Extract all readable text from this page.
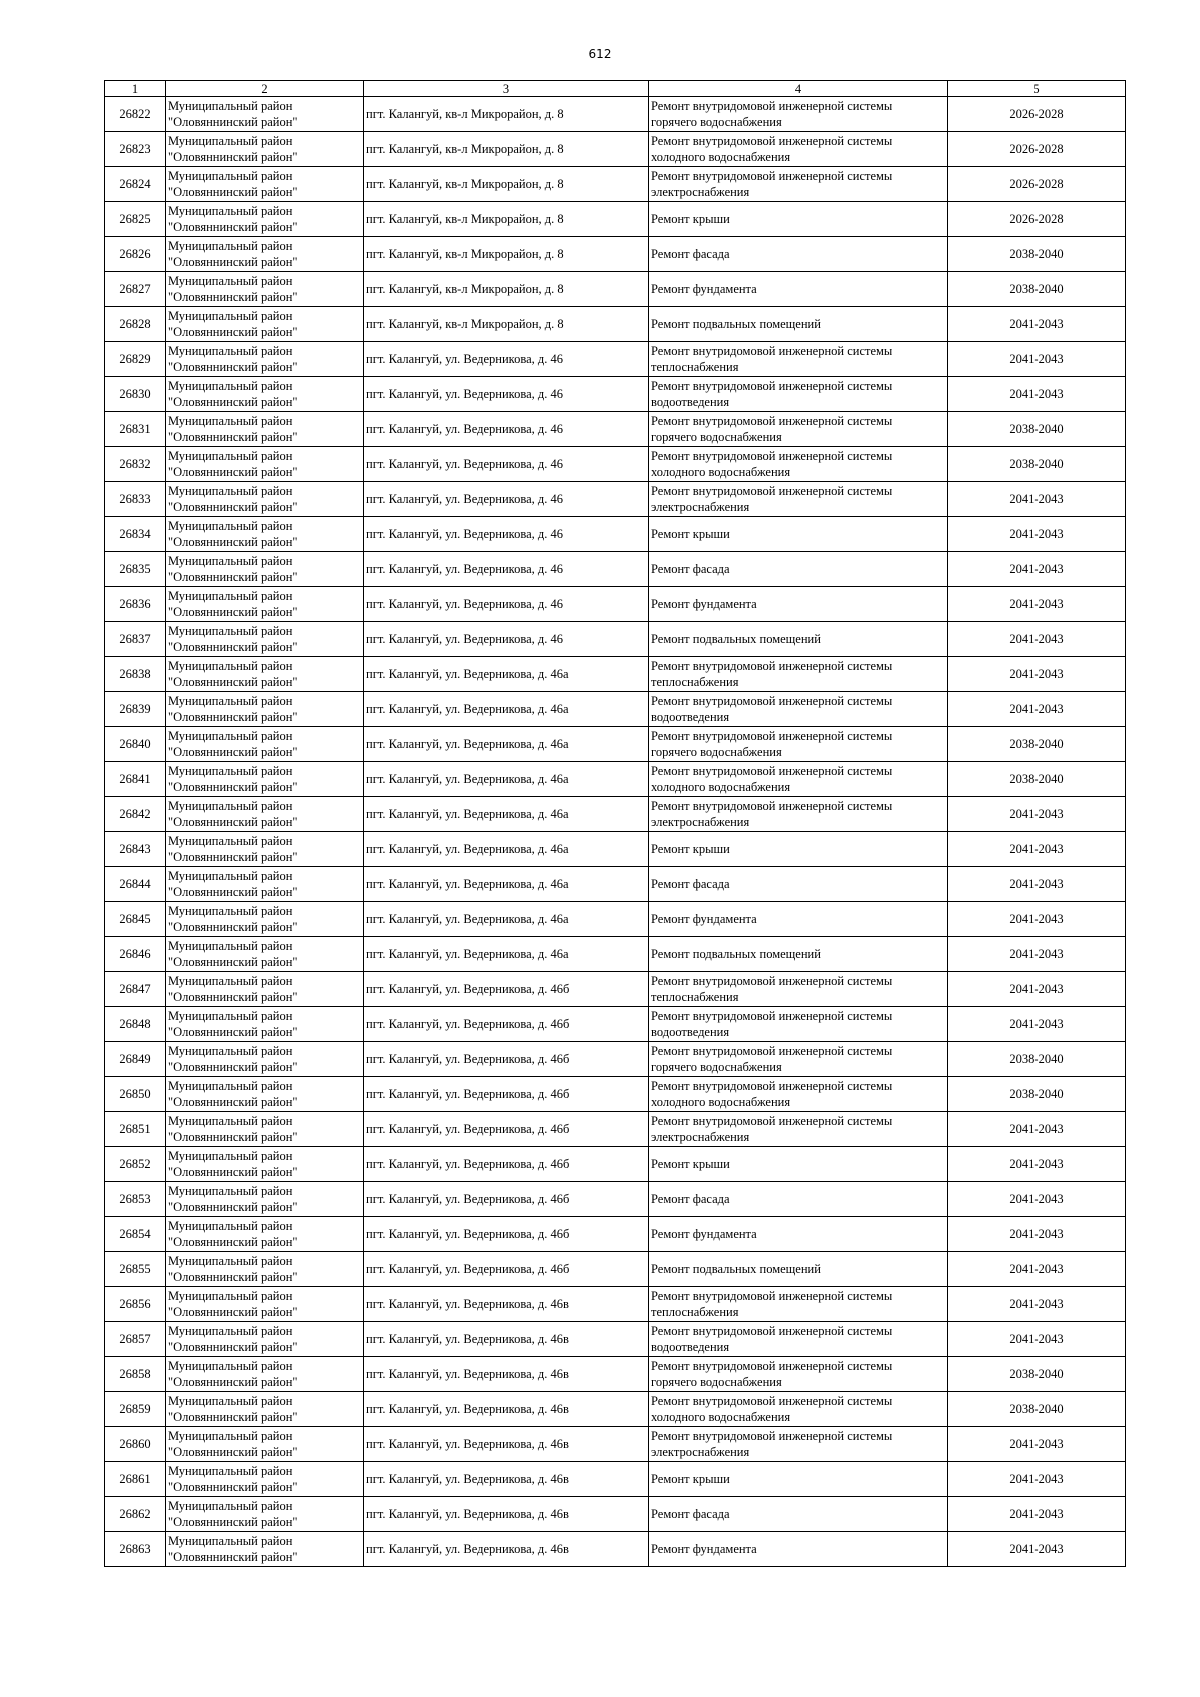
612
1	2	3	4	5
26822	Муниципальный район
"Оловяннинский район"	пгт. Калангуй, кв-л Микрорайон, д. 8	Ремонт внутридомовой инженерной системы
горячего водоснабжения	2026-2028
26823	Муниципальный район
"Оловяннинский район"	пгт. Калангуй, кв-л Микрорайон, д. 8	Ремонт внутридомовой инженерной системы
холодного водоснабжения	2026-2028
26824	Муниципальный район
"Оловяннинский район"	пгт. Калангуй, кв-л Микрорайон, д. 8	Ремонт внутридомовой инженерной системы
электроснабжения	2026-2028
26825	Муниципальный район
"Оловяннинский район"	пгт. Калангуй, кв-л Микрорайон, д. 8	Ремонт крыши	2026-2028
26826	Муниципальный район
"Оловяннинский район"	пгт. Калангуй, кв-л Микрорайон, д. 8	Ремонт фасада	2038-2040
26827	Муниципальный район
"Оловяннинский район"	пгт. Калангуй, кв-л Микрорайон, д. 8	Ремонт фундамента	2038-2040
26828	Муниципальный район
"Оловяннинский район"	пгт. Калангуй, кв-л Микрорайон, д. 8	Ремонт подвальных помещений	2041-2043
26829	Муниципальный район
"Оловяннинский район"	пгт. Калангуй, ул. Ведерникова, д. 46	Ремонт внутридомовой инженерной системы
теплоснабжения	2041-2043
26830	Муниципальный район
"Оловяннинский район"	пгт. Калангуй, ул. Ведерникова, д. 46	Ремонт внутридомовой инженерной системы
водоотведения	2041-2043
26831	Муниципальный район
"Оловяннинский район"	пгт. Калангуй, ул. Ведерникова, д. 46	Ремонт внутридомовой инженерной системы
горячего водоснабжения	2038-2040
26832	Муниципальный район
"Оловяннинский район"	пгт. Калангуй, ул. Ведерникова, д. 46	Ремонт внутридомовой инженерной системы
холодного водоснабжения	2038-2040
26833	Муниципальный район
"Оловяннинский район"	пгт. Калангуй, ул. Ведерникова, д. 46	Ремонт внутридомовой инженерной системы
электроснабжения	2041-2043
26834	Муниципальный район
"Оловяннинский район"	пгт. Калангуй, ул. Ведерникова, д. 46	Ремонт крыши	2041-2043
26835	Муниципальный район
"Оловяннинский район"	пгт. Калангуй, ул. Ведерникова, д. 46	Ремонт фасада	2041-2043
26836	Муниципальный район
"Оловяннинский район"	пгт. Калангуй, ул. Ведерникова, д. 46	Ремонт фундамента	2041-2043
26837	Муниципальный район
"Оловяннинский район"	пгт. Калангуй, ул. Ведерникова, д. 46	Ремонт подвальных помещений	2041-2043
26838	Муниципальный район
"Оловяннинский район"	пгт. Калангуй, ул. Ведерникова, д. 46а	Ремонт внутридомовой инженерной системы
теплоснабжения	2041-2043
26839	Муниципальный район
"Оловяннинский район"	пгт. Калангуй, ул. Ведерникова, д. 46а	Ремонт внутридомовой инженерной системы
водоотведения	2041-2043
26840	Муниципальный район
"Оловяннинский район"	пгт. Калангуй, ул. Ведерникова, д. 46а	Ремонт внутридомовой инженерной системы
горячего водоснабжения	2038-2040
26841	Муниципальный район
"Оловяннинский район"	пгт. Калангуй, ул. Ведерникова, д. 46а	Ремонт внутридомовой инженерной системы
холодного водоснабжения	2038-2040
26842	Муниципальный район
"Оловяннинский район"	пгт. Калангуй, ул. Ведерникова, д. 46а	Ремонт внутридомовой инженерной системы
электроснабжения	2041-2043
26843	Муниципальный район
"Оловяннинский район"	пгт. Калангуй, ул. Ведерникова, д. 46а	Ремонт крыши	2041-2043
26844	Муниципальный район
"Оловяннинский район"	пгт. Калангуй, ул. Ведерникова, д. 46а	Ремонт фасада	2041-2043
26845	Муниципальный район
"Оловяннинский район"	пгт. Калангуй, ул. Ведерникова, д. 46а	Ремонт фундамента	2041-2043
26846	Муниципальный район
"Оловяннинский район"	пгт. Калангуй, ул. Ведерникова, д. 46а	Ремонт подвальных помещений	2041-2043
26847	Муниципальный район
"Оловяннинский район"	пгт. Калангуй, ул. Ведерникова, д. 46б	Ремонт внутридомовой инженерной системы
теплоснабжения	2041-2043
26848	Муниципальный район
"Оловяннинский район"	пгт. Калангуй, ул. Ведерникова, д. 46б	Ремонт внутридомовой инженерной системы
водоотведения	2041-2043
26849	Муниципальный район
"Оловяннинский район"	пгт. Калангуй, ул. Ведерникова, д. 46б	Ремонт внутридомовой инженерной системы
горячего водоснабжения	2038-2040
26850	Муниципальный район
"Оловяннинский район"	пгт. Калангуй, ул. Ведерникова, д. 46б	Ремонт внутридомовой инженерной системы
холодного водоснабжения	2038-2040
26851	Муниципальный район
"Оловяннинский район"	пгт. Калангуй, ул. Ведерникова, д. 46б	Ремонт внутридомовой инженерной системы
электроснабжения	2041-2043
26852	Муниципальный район
"Оловяннинский район"	пгт. Калангуй, ул. Ведерникова, д. 46б	Ремонт крыши	2041-2043
26853	Муниципальный район
"Оловяннинский район"	пгт. Калангуй, ул. Ведерникова, д. 46б	Ремонт фасада	2041-2043
26854	Муниципальный район
"Оловяннинский район"	пгт. Калангуй, ул. Ведерникова, д. 46б	Ремонт фундамента	2041-2043
26855	Муниципальный район
"Оловяннинский район"	пгт. Калангуй, ул. Ведерникова, д. 46б	Ремонт подвальных помещений	2041-2043
26856	Муниципальный район
"Оловяннинский район"	пгт. Калангуй, ул. Ведерникова, д. 46в	Ремонт внутридомовой инженерной системы
теплоснабжения	2041-2043
26857	Муниципальный район
"Оловяннинский район"	пгт. Калангуй, ул. Ведерникова, д. 46в	Ремонт внутридомовой инженерной системы
водоотведения	2041-2043
26858	Муниципальный район
"Оловяннинский район"	пгт. Калангуй, ул. Ведерникова, д. 46в	Ремонт внутридомовой инженерной системы
горячего водоснабжения	2038-2040
26859	Муниципальный район
"Оловяннинский район"	пгт. Калангуй, ул. Ведерникова, д. 46в	Ремонт внутридомовой инженерной системы
холодного водоснабжения	2038-2040
26860	Муниципальный район
"Оловяннинский район"	пгт. Калангуй, ул. Ведерникова, д. 46в	Ремонт внутридомовой инженерной системы
электроснабжения	2041-2043
26861	Муниципальный район
"Оловяннинский район"	пгт. Калангуй, ул. Ведерникова, д. 46в	Ремонт крыши	2041-2043
26862	Муниципальный район
"Оловяннинский район"	пгт. Калангуй, ул. Ведерникова, д. 46в	Ремонт фасада	2041-2043
26863	Муниципальный район
"Оловяннинский район"	пгт. Калангуй, ул. Ведерникова, д. 46в	Ремонт фундамента	2041-2043
